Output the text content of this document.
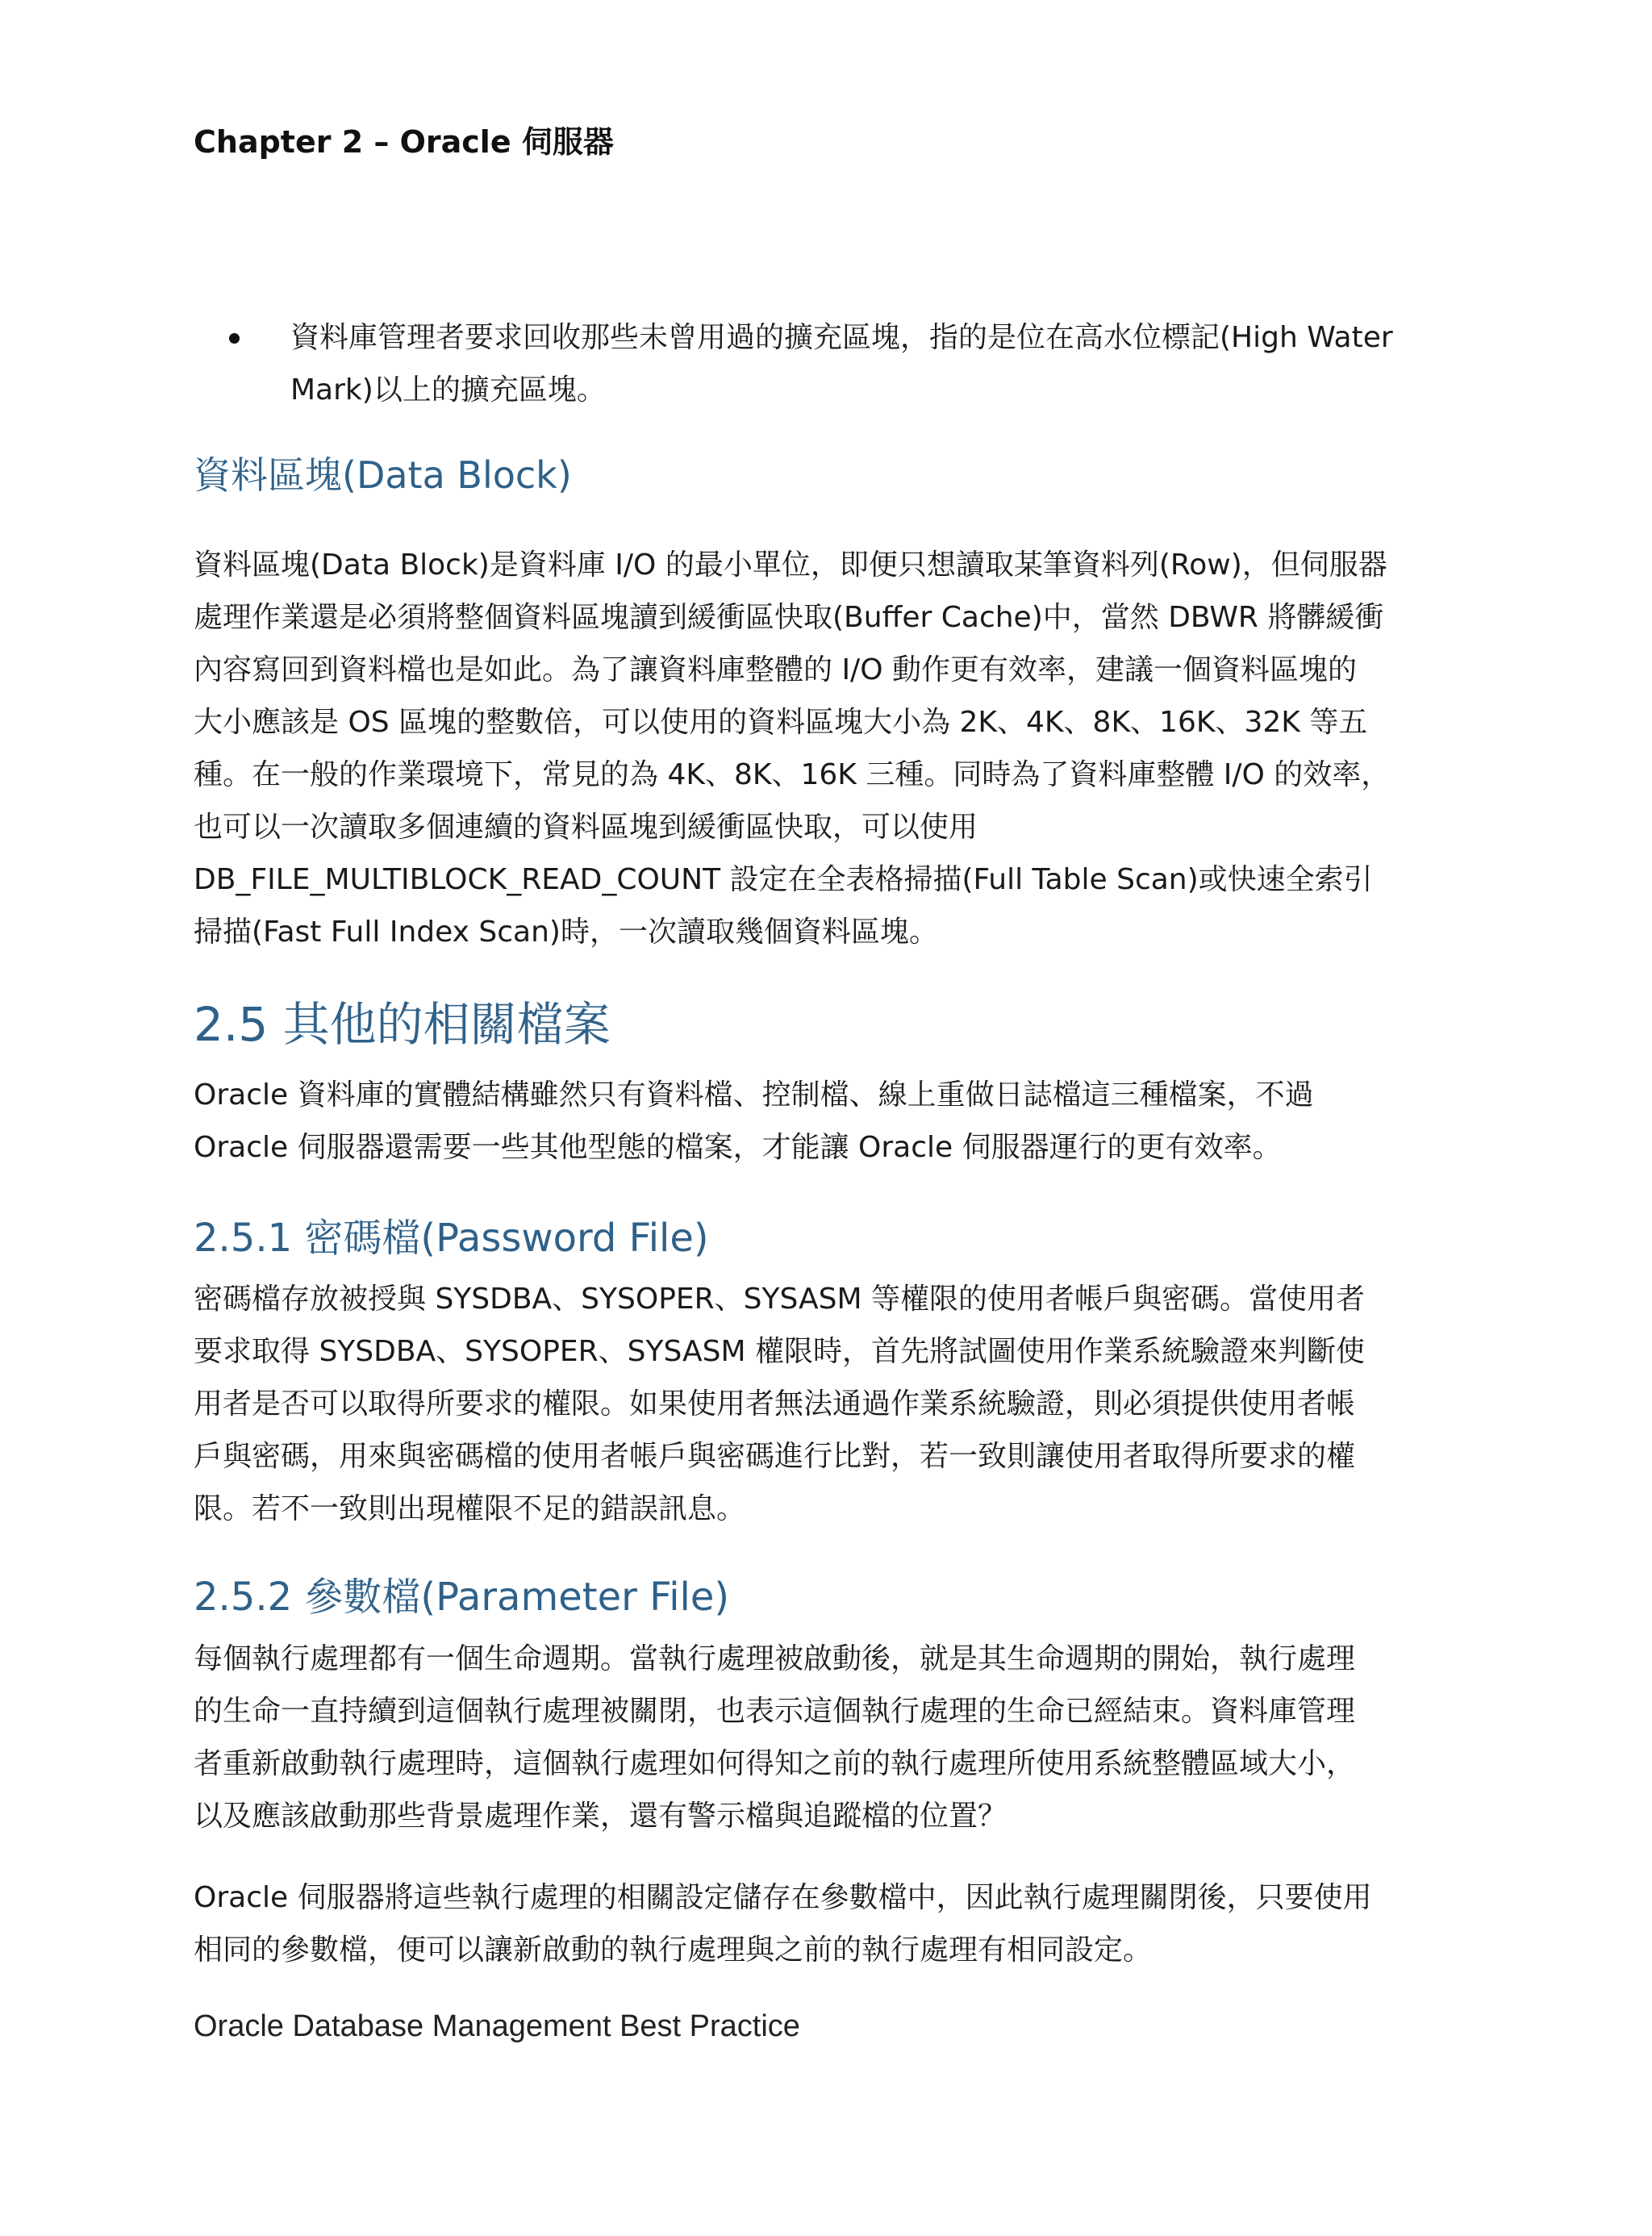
Chapter 2 – Oracle 伺服器

資料庫管理者要求回收那些未曾用過的擴充區塊，指的是位在高水位標記(High Water
Mark)以上的擴充區塊。

資料區塊(Data Block)

資料區塊(Data Block)是資料庫 I/O 的最小單位，即便只想讀取某筆資料列(Row)，但伺服器
處理作業還是必須將整個資料區塊讀到緩衝區快取(Buffer Cache)中，當然 DBWR 將髒緩衝
內容寫回到資料檔也是如此。為了讓資料庫整體的 I/O 動作更有效率，建議一個資料區塊的
大小應該是 OS 區塊的整數倍，可以使用的資料區塊大小為 2K、4K、8K、16K、32K 等五
種。在一般的作業環境下，常見的為 4K、8K、16K 三種。同時為了資料庫整體 I/O 的效率，
也可以一次讀取多個連續的資料區塊到緩衝區快取，可以使用
DB_FILE_MULTIBLOCK_READ_COUNT 設定在全表格掃描(Full Table Scan)或快速全索引
掃描(Fast Full Index Scan)時，一次讀取幾個資料區塊。

2.5 其他的相關檔案

Oracle 資料庫的實體結構雖然只有資料檔、控制檔、線上重做日誌檔這三種檔案，不過
Oracle 伺服器還需要一些其他型態的檔案，才能讓 Oracle 伺服器運行的更有效率。

2.5.1 密碼檔(Password File)

密碼檔存放被授與 SYSDBA、SYSOPER、SYSASM 等權限的使用者帳戶與密碼。當使用者
要求取得 SYSDBA、SYSOPER、SYSASM 權限時，首先將試圖使用作業系統驗證來判斷使
用者是否可以取得所要求的權限。如果使用者無法通過作業系統驗證，則必須提供使用者帳
戶與密碼，用來與密碼檔的使用者帳戶與密碼進行比對，若一致則讓使用者取得所要求的權
限。若不一致則出現權限不足的錯誤訊息。

2.5.2 參數檔(Parameter File)

每個執行處理都有一個生命週期。當執行處理被啟動後，就是其生命週期的開始，執行處理
的生命一直持續到這個執行處理被關閉，也表示這個執行處理的生命已經結束。資料庫管理
者重新啟動執行處理時，這個執行處理如何得知之前的執行處理所使用系統整體區域大小，
以及應該啟動那些背景處理作業，還有警示檔與追蹤檔的位置？

Oracle 伺服器將這些執行處理的相關設定儲存在參數檔中，因此執行處理關閉後，只要使用
相同的參數檔，便可以讓新啟動的執行處理與之前的執行處理有相同設定。

Oracle Database Management Best Practice
